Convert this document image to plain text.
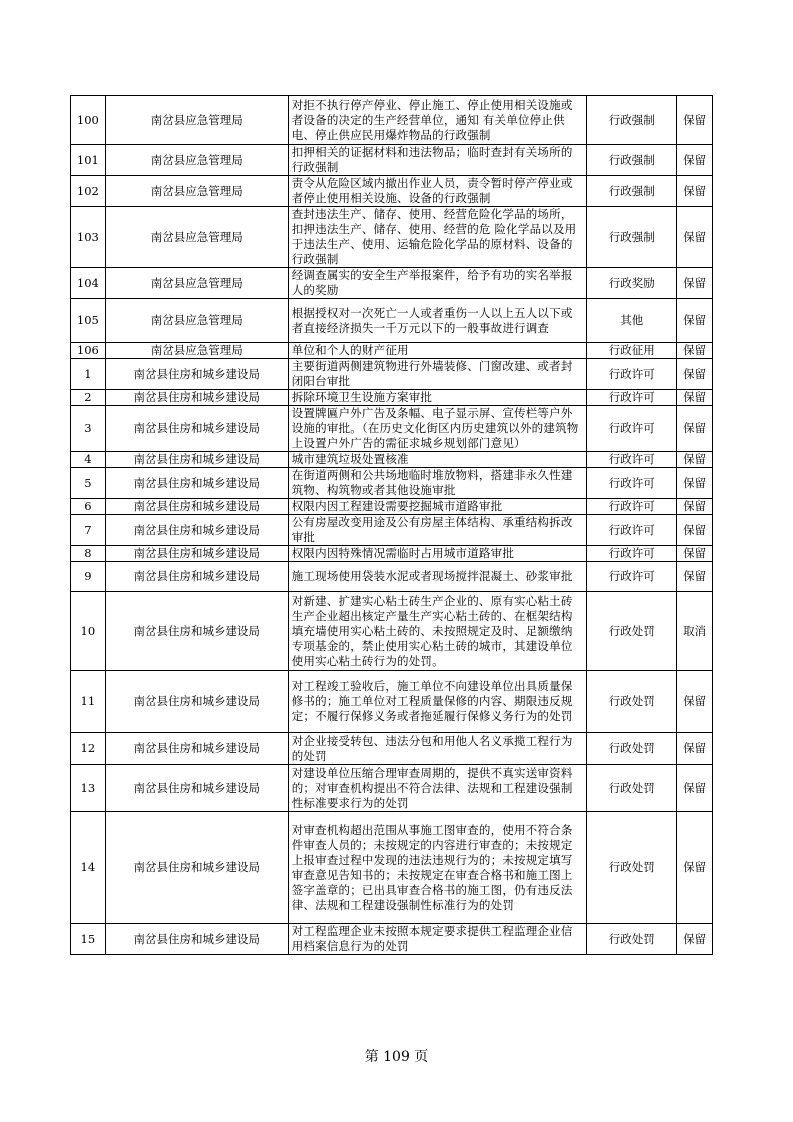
100	南岔县应急管理局	对拒不执行停产停业、停止施工、停止使用相关设施或者设备的决定的生产经营单位，通知 有关单位停止供电、停止供应民用爆炸物品的行政强制	行政强制	保留
101	南岔县应急管理局	扣押相关的证据材料和违法物品；临时查封有关场所的行政强制	行政强制	保留
102	南岔县应急管理局	责令从危险区域内撤出作业人员，责令暂时停产停业或者停止使用相关设施、设备的行政强制	行政强制	保留
103	南岔县应急管理局	查封违法生产、储存、使用、经营危险化学品的场所，扣押违法生产、储存、使用、经营的危 险化学品以及用于违法生产、使用、运输危险化学品的原材料、设备的行政强制	行政强制	保留
104	南岔县应急管理局	经调查属实的安全生产举报案件，给予有功的实名举报人的奖励	行政奖励	保留
105	南岔县应急管理局	根据授权对一次死亡一人或者重伤一人以上五人以下或者直接经济损失一千万元以下的一般事故进行调查	其他	保留
106	南岔县应急管理局	单位和个人的财产征用	行政征用	保留
1	南岔县住房和城乡建设局	主要街道两侧建筑物进行外墙装修、门窗改建、或者封闭阳台审批	行政许可	保留
2	南岔县住房和城乡建设局	拆除环境卫生设施方案审批	行政许可	保留
3	南岔县住房和城乡建设局	设置牌匾户外广告及条幅、电子显示屏、宣传栏等户外设施的审批。（在历史文化街区内历史建筑以外的建筑物上设置户外广告的需征求城乡规划部门意见）	行政许可	保留
4	南岔县住房和城乡建设局	城市建筑垃圾处置核准	行政许可	保留
5	南岔县住房和城乡建设局	在街道两侧和公共场地临时堆放物料，搭建非永久性建筑物、构筑物或者其他设施审批	行政许可	保留
6	南岔县住房和城乡建设局	权限内因工程建设需要挖掘城市道路审批	行政许可	保留
7	南岔县住房和城乡建设局	公有房屋改变用途及公有房屋主体结构、承重结构拆改审批	行政许可	保留
8	南岔县住房和城乡建设局	权限内因特殊情况需临时占用城市道路审批	行政许可	保留
9	南岔县住房和城乡建设局	施工现场使用袋装水泥或者现场搅拌混凝土、砂浆审批	行政许可	保留
10	南岔县住房和城乡建设局	对新建、扩建实心粘土砖生产企业的、原有实心粘土砖生产企业超出核定产量生产实心粘土砖的、在框架结构填充墙使用实心粘土砖的、未按照规定及时、足额缴纳专项基金的，禁止使用实心粘土砖的城市，其建设单位使用实心粘土砖行为的处罚。	行政处罚	取消
11	南岔县住房和城乡建设局	对工程竣工验收后，施工单位不向建设单位出具质量保修书的；施工单位对工程质量保修的内容、期限违反规定；不履行保修义务或者拖延履行保修义务行为的处罚	行政处罚	保留
12	南岔县住房和城乡建设局	对企业接受转包、违法分包和用他人名义承揽工程行为的处罚	行政处罚	保留
13	南岔县住房和城乡建设局	对建设单位压缩合理审查周期的，提供不真实送审资料的；对审查机构提出不符合法律、法规和工程建设强制性标准要求行为的处罚	行政处罚	保留
14	南岔县住房和城乡建设局	对审查机构超出范围从事施工图审查的，使用不符合条件审查人员的；未按规定的内容进行审查的；未按规定上报审查过程中发现的违法违规行为的；未按规定填写审查意见告知书的；未按规定在审查合格书和施工图上签字盖章的；已出具审查合格书的施工图，仍有违反法律、法规和工程建设强制性标准行为的处罚	行政处罚	保留
15	南岔县住房和城乡建设局	对工程监理企业未按照本规定要求提供工程监理企业信用档案信息行为的处罚	行政处罚	保留
第 109 页
